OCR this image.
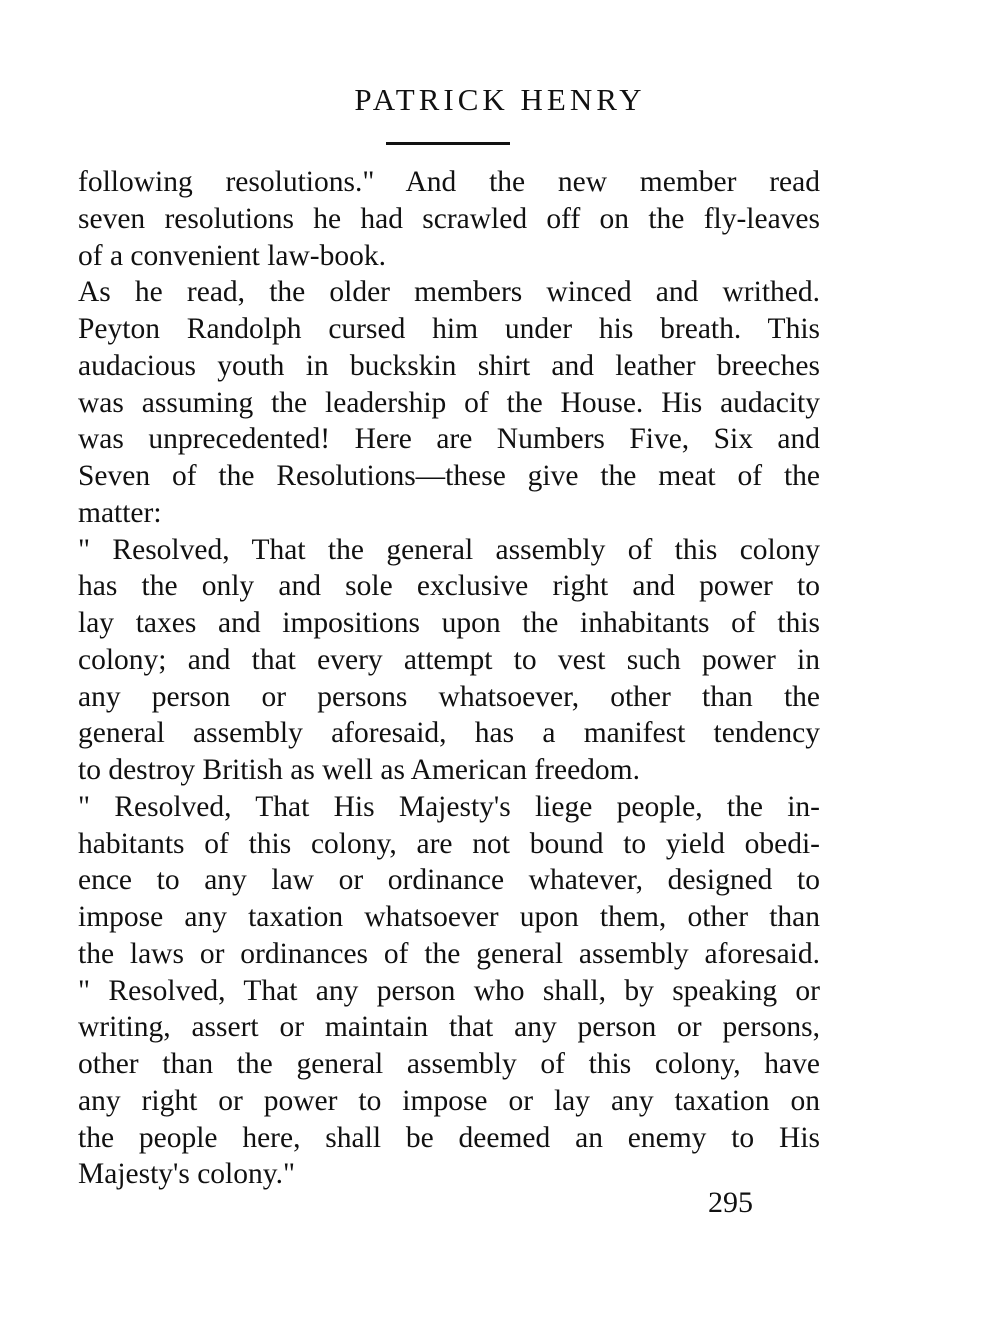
PATRICK HENRY
following resolutions." And the new member read
seven resolutions he had scrawled off on the fly-leaves
of a convenient law-book.
As he read, the older members winced and writhed.
Peyton Randolph cursed him under his breath. This
audacious youth in buckskin shirt and leather breeches
was assuming the leadership of the House. His audacity
was unprecedented! Here are Numbers Five, Six and
Seven of the Resolutions—these give the meat of the
matter:
" Resolved, That the general assembly of this colony
has the only and sole exclusive right and power to
lay taxes and impositions upon the inhabitants of this
colony; and that every attempt to vest such power in
any person or persons whatsoever, other than the
general assembly aforesaid, has a manifest tendency
to destroy British as well as American freedom.
" Resolved, That His Majesty's liege people, the in-
habitants of this colony, are not bound to yield obedi-
ence to any law or ordinance whatever, designed to
impose any taxation whatsoever upon them, other than
the laws or ordinances of the general assembly aforesaid.
" Resolved, That any person who shall, by speaking or
writing, assert or maintain that any person or persons,
other than the general assembly of this colony, have
any right or power to impose or lay any taxation on
the people here, shall be deemed an enemy to His
Majesty's colony."
295
